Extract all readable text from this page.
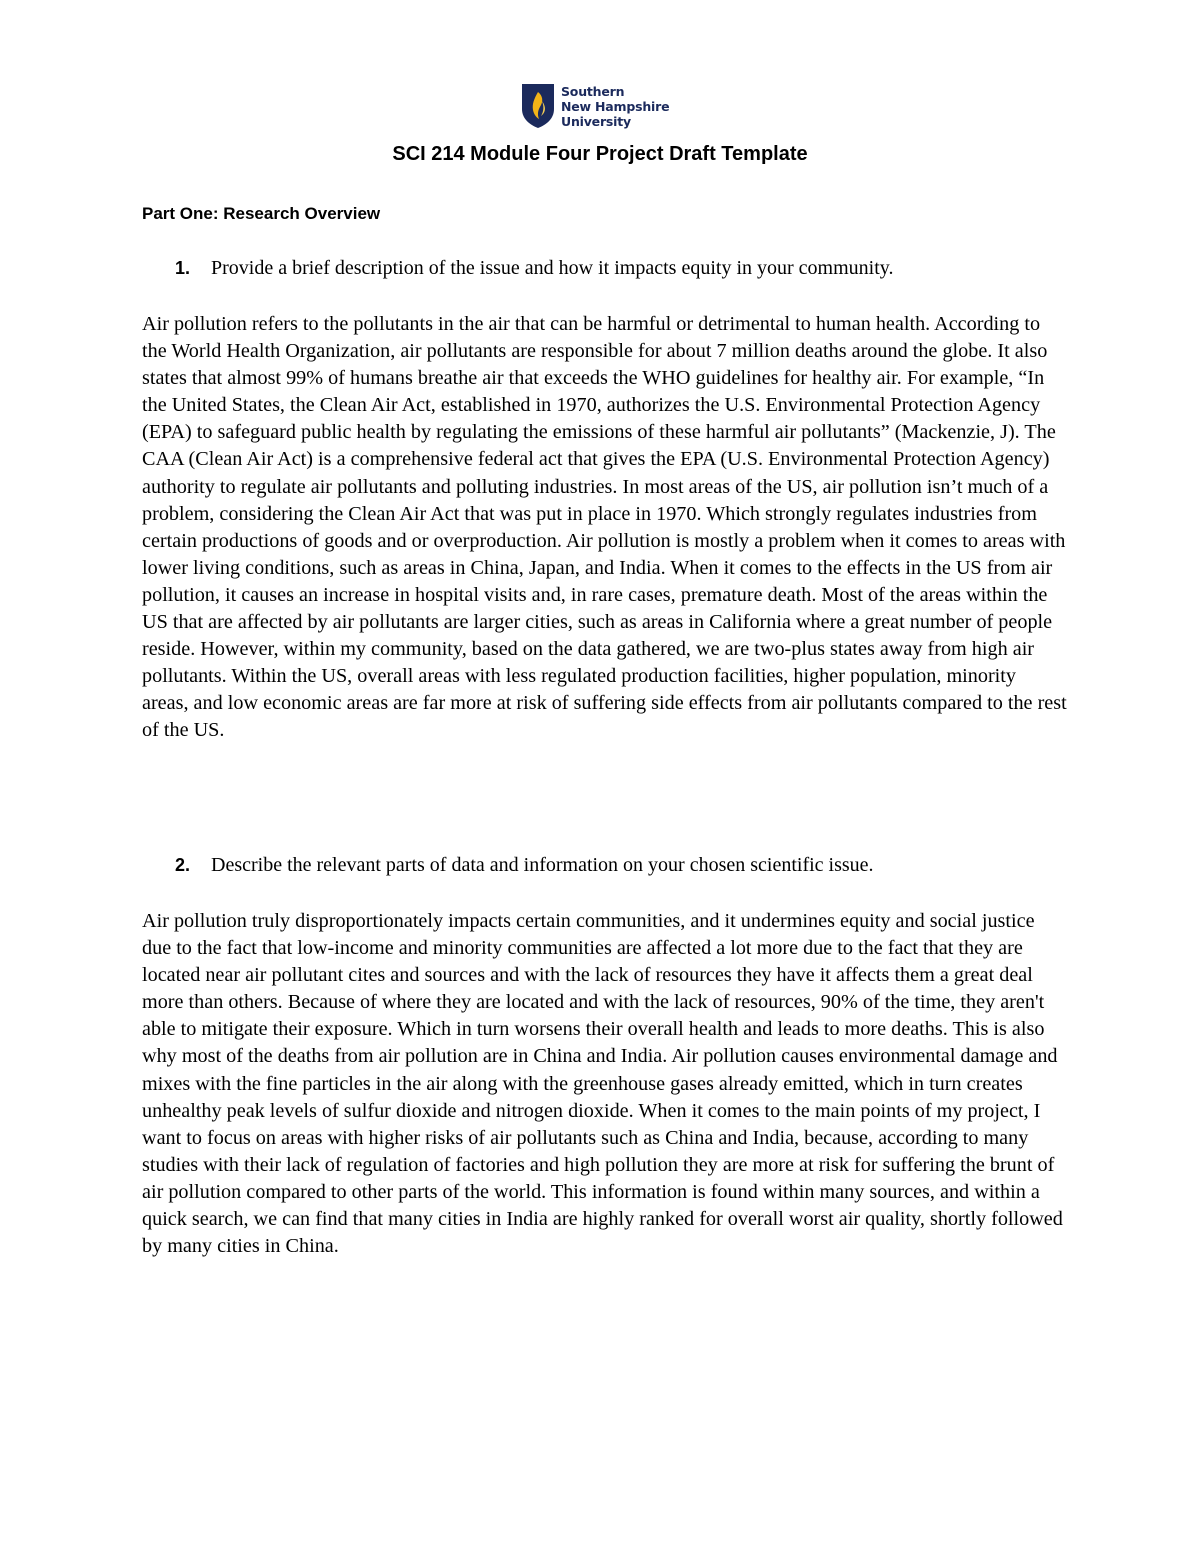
Southern
New Hampshire
University
SCI 214 Module Four Project Draft Template
Part One: Research Overview
1. Provide a brief description of the issue and how it impacts equity in your community.

Air pollution refers to the pollutants in the air that can be harmful or detrimental to human health. According to the World Health Organization, air pollutants are responsible for about 7 million deaths around the globe. It also states that almost 99% of humans breathe air that exceeds the WHO guidelines for healthy air. For example, “In the United States, the Clean Air Act, established in 1970, authorizes the U.S. Environmental Protection Agency (EPA) to safeguard public health by regulating the emissions of these harmful air pollutants” (Mackenzie, J). The CAA (Clean Air Act) is a comprehensive federal act that gives the EPA (U.S. Environmental Protection Agency) authority to regulate air pollutants and polluting industries. In most areas of the US, air pollution isn’t much of a problem, considering the Clean Air Act that was put in place in 1970. Which strongly regulates industries from certain productions of goods and or overproduction. Air pollution is mostly a problem when it comes to areas with lower living conditions, such as areas in China, Japan, and India. When it comes to the effects in the US from air pollution, it causes an increase in hospital visits and, in rare cases, premature death. Most of the areas within the US that are affected by air pollutants are larger cities, such as areas in California where a great number of people reside. However, within my community, based on the data gathered, we are two-plus states away from high air pollutants. Within the US, overall areas with less regulated production facilities, higher population, minority areas, and low economic areas are far more at risk of suffering side effects from air pollutants compared to the rest of the US.

2. Describe the relevant parts of data and information on your chosen scientific issue.

Air pollution truly disproportionately impacts certain communities, and it undermines equity and social justice due to the fact that low-income and minority communities are affected a lot more due to the fact that they are located near air pollutant cites and sources and with the lack of resources they have it affects them a great deal more than others. Because of where they are located and with the lack of resources, 90% of the time, they aren't able to mitigate their exposure. Which in turn worsens their overall health and leads to more deaths. This is also why most of the deaths from air pollution are in China and India. Air pollution causes environmental damage and mixes with the fine particles in the air along with the greenhouse gases already emitted, which in turn creates unhealthy peak levels of sulfur dioxide and nitrogen dioxide. When it comes to the main points of my project, I want to focus on areas with higher risks of air pollutants such as China and India, because, according to many studies with their lack of regulation of factories and high pollution they are more at risk for suffering the brunt of air pollution compared to other parts of the world. This information is found within many sources, and within a quick search, we can find that many cities in India are highly ranked for overall worst air quality, shortly followed by many cities in China.
